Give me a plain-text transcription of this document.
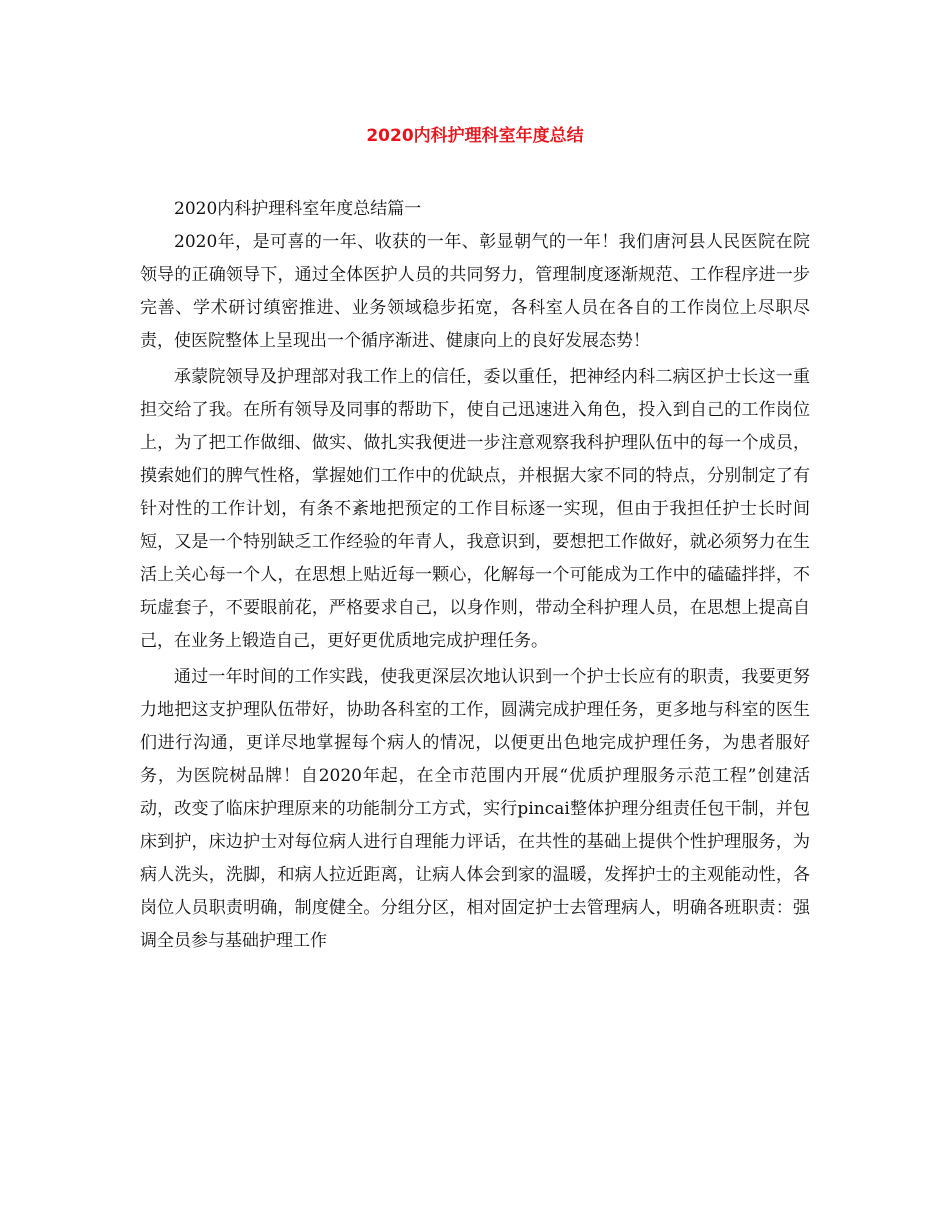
2020内科护理科室年度总结

2020内科护理科室年度总结篇一

2020年，是可喜的一年、收获的一年、彰显朝气的一年！我们唐河县人民医院在院领导的正确领导下，通过全体医护人员的共同努力，管理制度逐渐规范、工作程序进一步完善、学术研讨缜密推进、业务领域稳步拓宽，各科室人员在各自的工作岗位上尽职尽责，使医院整体上呈现出一个循序渐进、健康向上的良好发展态势！

承蒙院领导及护理部对我工作上的信任，委以重任，把神经内科二病区护士长这一重担交给了我。在所有领导及同事的帮助下，使自己迅速进入角色，投入到自己的工作岗位上，为了把工作做细、做实、做扎实我便进一步注意观察我科护理队伍中的每一个成员，摸索她们的脾气性格，掌握她们工作中的优缺点，并根据大家不同的特点，分别制定了有针对性的工作计划，有条不紊地把预定的工作目标逐一实现，但由于我担任护士长时间短，又是一个特别缺乏工作经验的年青人，我意识到，要想把工作做好，就必须努力在生活上关心每一个人，在思想上贴近每一颗心，化解每一个可能成为工作中的磕磕拌拌，不玩虚套子，不要眼前花，严格要求自己，以身作则，带动全科护理人员，在思想上提高自己，在业务上锻造自己，更好更优质地完成护理任务。

通过一年时间的工作实践，使我更深层次地认识到一个护士长应有的职责，我要更努力地把这支护理队伍带好，协助各科室的工作，圆满完成护理任务，更多地与科室的医生们进行沟通，更详尽地掌握每个病人的情况，以便更出色地完成护理任务，为患者服好务，为医院树品牌！自2020年起，在全市范围内开展“优质护理服务示范工程”创建活动，改变了临床护理原来的功能制分工方式，实行pincai整体护理分组责任包干制，并包床到护，床边护士对每位病人进行自理能力评话，在共性的基础上提供个性护理服务，为病人洗头，洗脚，和病人拉近距离，让病人体会到家的温暖，发挥护士的主观能动性，各岗位人员职责明确，制度健全。分组分区，相对固定护士去管理病人，明确各班职责：强调全员参与基础护理工作
